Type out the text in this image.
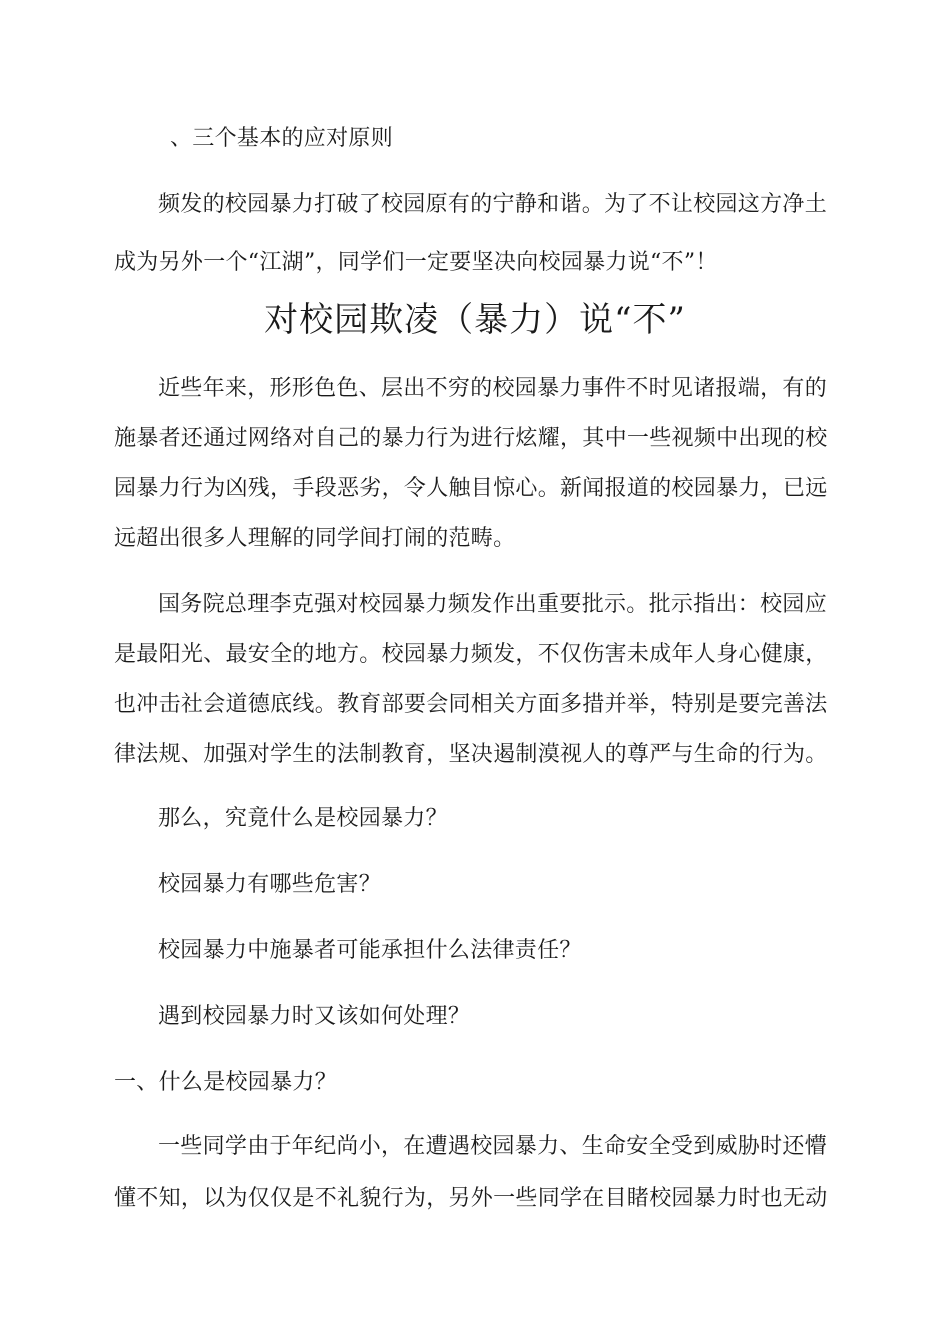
、三个基本的应对原则
频发的校园暴力打破了校园原有的宁静和谐。为了不让校园这方净土
成为另外一个“江湖”，同学们一定要坚决向校园暴力说“不”！
对校园欺凌（暴力）说“不”
近些年来，形形色色、层出不穷的校园暴力事件不时见诸报端，有的
施暴者还通过网络对自己的暴力行为进行炫耀，其中一些视频中出现的校
园暴力行为凶残，手段恶劣，令人触目惊心。新闻报道的校园暴力，已远
远超出很多人理解的同学间打闹的范畴。
国务院总理李克强对校园暴力频发作出重要批示。批示指出：校园应
是最阳光、最安全的地方。校园暴力频发，不仅伤害未成年人身心健康，
也冲击社会道德底线。教育部要会同相关方面多措并举，特别是要完善法
律法规、加强对学生的法制教育，坚决遏制漠视人的尊严与生命的行为。
那么，究竟什么是校园暴力？
校园暴力有哪些危害？
校园暴力中施暴者可能承担什么法律责任？
遇到校园暴力时又该如何处理？
一、什么是校园暴力？
一些同学由于年纪尚小，在遭遇校园暴力、生命安全受到威胁时还懵
懂不知，以为仅仅是不礼貌行为，另外一些同学在目睹校园暴力时也无动
